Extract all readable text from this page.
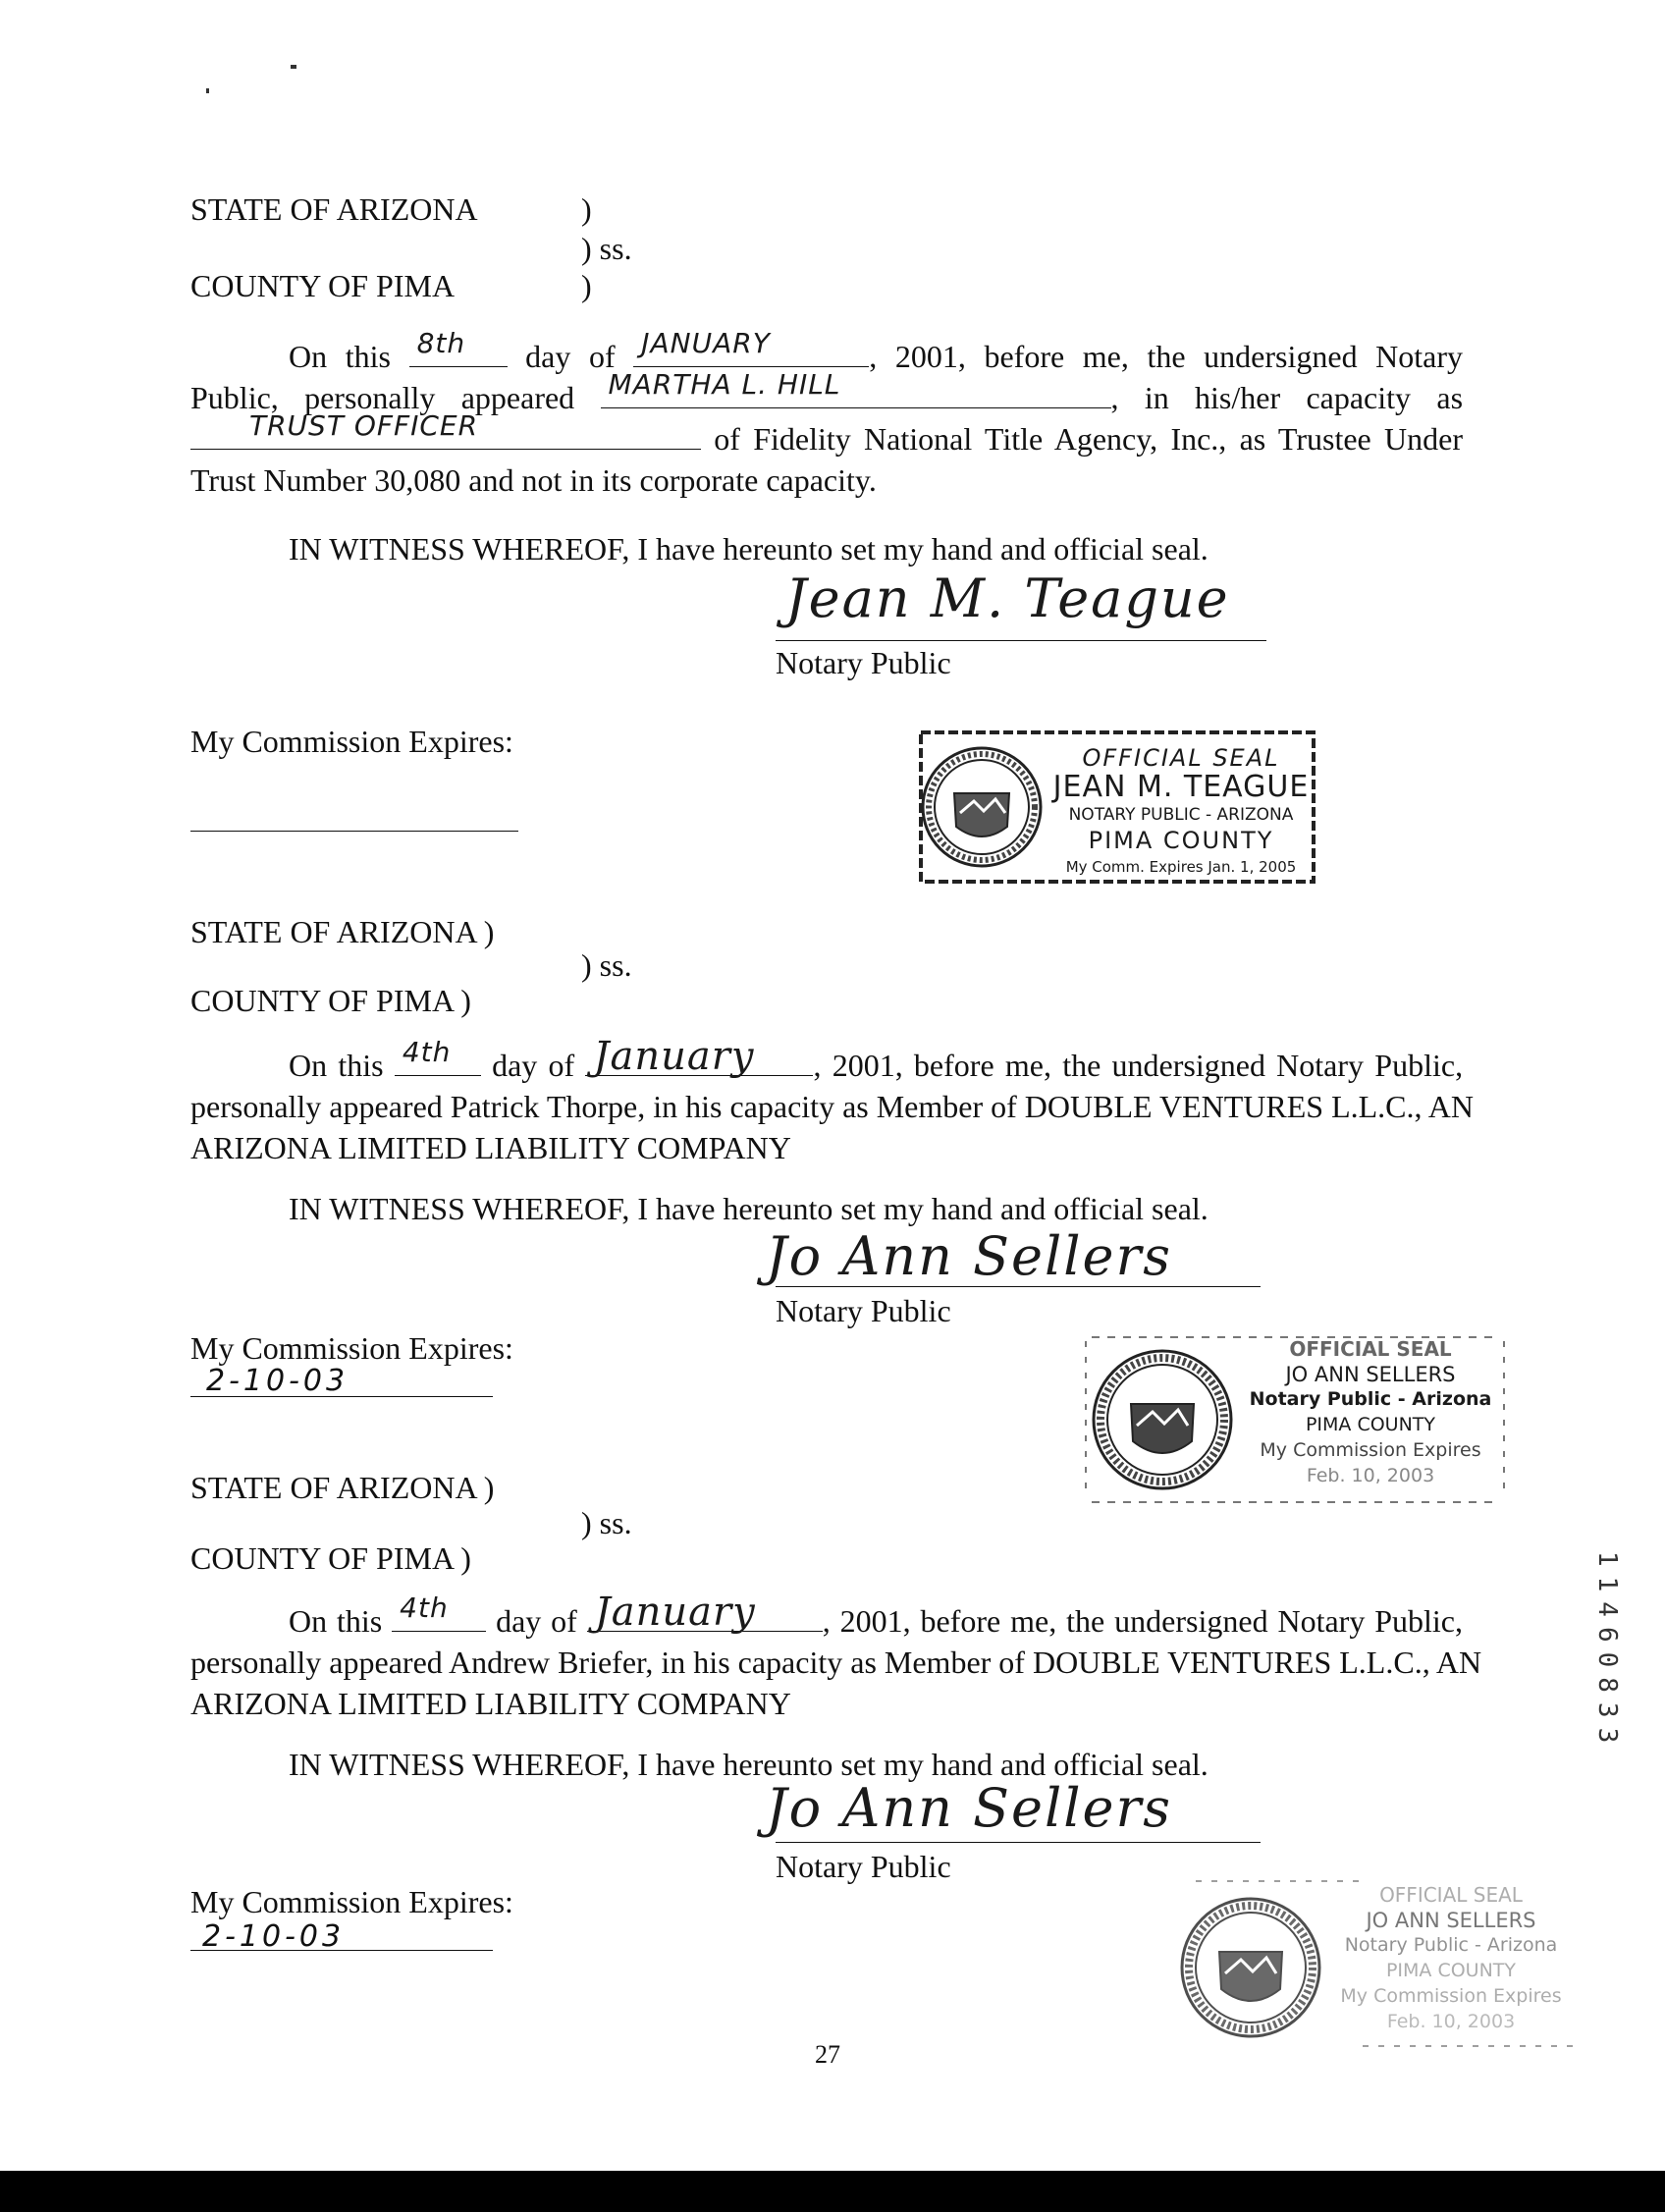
STATE OF ARIZONA	)
) ss.
COUNTY OF PIMA	)
On this 8th day of JANUARY	, 2001, before me, the undersigned Notary
Public, personally appeared MARTHA L. HILL	, in his/her capacity as
TRUST OFFICER	of Fidelity National Title Agency, Inc., as Trustee Under
Trust Number 30,080 and not in its corporate capacity.
IN WITNESS WHEREOF, I have hereunto set my hand and official seal.
Jean M. Teague
Notary Public
My Commission Expires:	OFFICIAL SEAL
JEAN M. TEAGUE
NOTARY PUBLIC - ARIZONA
PIMA COUNTY
My Comm. Expires Jan. 1, 2005
STATE OF ARIZONA )
) ss.
COUNTY OF PIMA )
On this 4th day of January , 2001, before me, the undersigned Notary Public,
personally appeared Patrick Thorpe, in his capacity as Member of DOUBLE VENTURES L.L.C., AN
ARIZONA LIMITED LIABILITY COMPANY
IN WITNESS WHEREOF, I have hereunto set my hand and official seal.
Jo Ann Sellers
Notary Public
My Commission Expires:
2-10-03
OFFICIAL SEAL
JO ANN SELLERS
Notary Public - Arizona
PIMA COUNTY
My Commission Expires
Feb. 10, 2003
STATE OF ARIZONA )
) ss.
COUNTY OF PIMA )
On this 4th day of January , 2001, before me, the undersigned Notary Public,
personally appeared Andrew Briefer, in his capacity as Member of DOUBLE VENTURES L.L.C., AN
ARIZONA LIMITED LIABILITY COMPANY
IN WITNESS WHEREOF, I have hereunto set my hand and official seal.
Jo Ann Sellers
Notary Public
My Commission Expires:
2-10-03
OFFICIAL SEAL
JO ANN SELLERS
Notary Public - Arizona
PIMA COUNTY
My Commission Expires
Feb. 10, 2003
11460833
27
